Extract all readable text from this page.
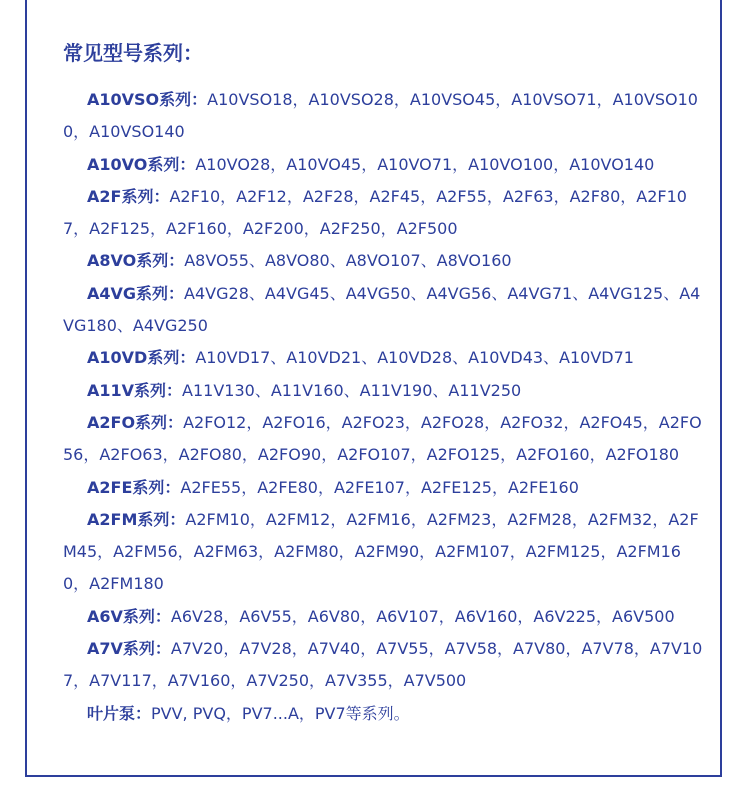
常见型号系列：

A10VSO系列：A10VSO18，A10VSO28，A10VSO45，A10VSO71，A10VSO100，A10VSO140

A10VO系列：A10VO28，A10VO45，A10VO71，A10VO100，A10VO140

A2F系列：A2F10，A2F12，A2F28，A2F45，A2F55，A2F63，A2F80，A2F107，A2F125，A2F160，A2F200，A2F250，A2F500

A8VO系列：A8VO55、A8VO80、A8VO107、A8VO160

A4VG系列：A4VG28、A4VG45、A4VG50、A4VG56、A4VG71、A4VG125、A4VG180、A4VG250

A10VD系列：A10VD17、A10VD21、A10VD28、A10VD43、A10VD71

A11V系列：A11V130、A11V160、A11V190、A11V250

A2FO系列：A2FO12，A2FO16，A2FO23，A2FO28，A2FO32，A2FO45，A2FO56，A2FO63，A2FO80，A2FO90，A2FO107，A2FO125，A2FO160，A2FO180

A2FE系列：A2FE55，A2FE80，A2FE107，A2FE125，A2FE160

A2FM系列：A2FM10，A2FM12，A2FM16，A2FM23，A2FM28，A2FM32，A2FM45，A2FM56，A2FM63，A2FM80，A2FM90，A2FM107，A2FM125，A2FM160，A2FM180

A6V系列：A6V28，A6V55，A6V80，A6V107，A6V160，A6V225，A6V500

A7V系列：A7V20，A7V28，A7V40，A7V55，A7V58，A7V80，A7V78，A7V107，A7V117，A7V160，A7V250，A7V355，A7V500

叶片泵：PVV, PVQ，PV7...A，PV7等系列。
